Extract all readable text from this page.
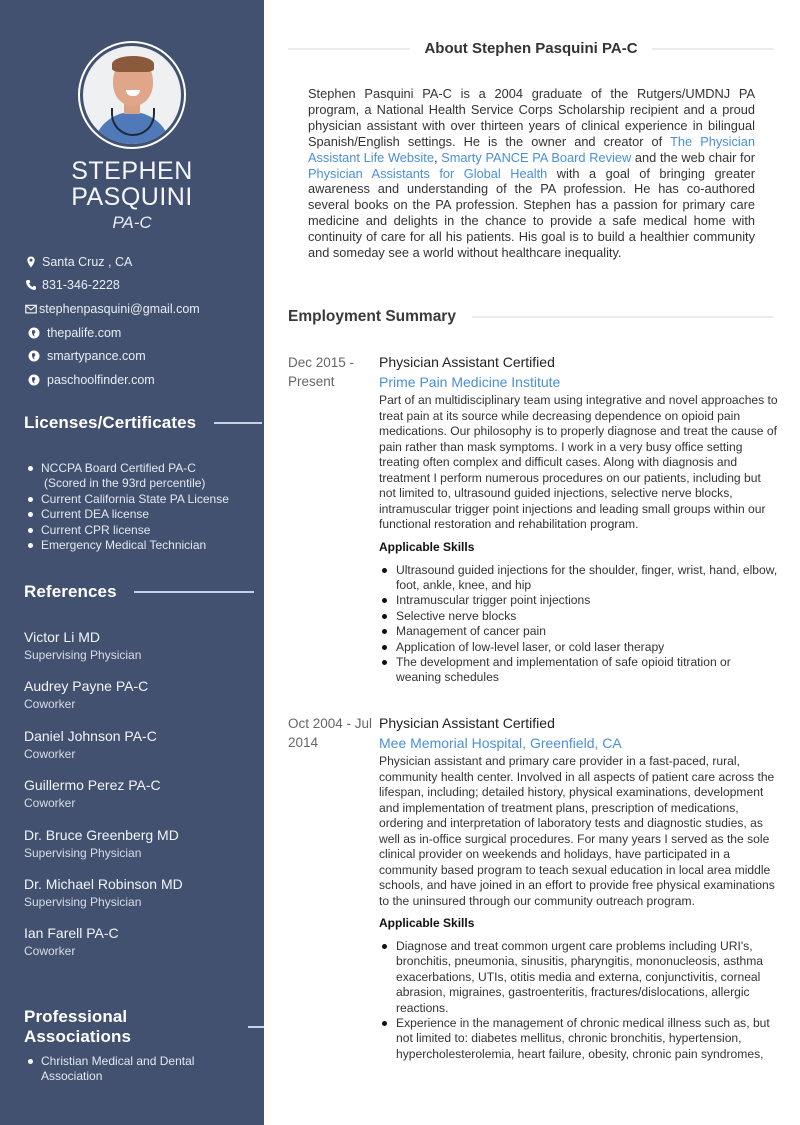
STEPHEN
PASQUINI
PA-C
Santa Cruz , CA
831-346-2228
stephenpasquini@gmail.com
thepalife.com
smartypance.com
paschoolfinder.com
Licenses/Certificates
NCCPA Board Certified PA-C
(Scored in the 93rd percentile)
Current California State PA License
Current DEA license
Current CPR license
Emergency Medical Technician
References
Victor Li MD
Supervising Physician
Audrey Payne PA-C
Coworker
Daniel Johnson PA-C
Coworker
Guillermo Perez PA-C
Coworker
Dr. Bruce Greenberg MD
Supervising Physician
Dr. Michael Robinson MD
Supervising Physician
Ian Farell PA-C
Coworker
Professional Associations
Christian Medical and Dental
Association
About Stephen Pasquini PA-C
Stephen Pasquini PA-C is a 2004 graduate of the Rutgers/UMDNJ PA program, a National Health Service Corps Scholarship recipient and a proud physician assistant with over thirteen years of clinical experience in bilingual Spanish/English settings. He is the owner and creator of The Physician Assistant Life Website, Smarty PANCE PA Board Review and the web chair for Physician Assistants for Global Health with a goal of bringing greater awareness and understanding of the PA profession. He has co-authored several books on the PA profession. Stephen has a passion for primary care medicine and delights in the chance to provide a safe medical home with continuity of care for all his patients. His goal is to build a healthier community and someday see a world without healthcare inequality.
Employment Summary
Dec 2015 -
Present
Physician Assistant Certified
Prime Pain Medicine Institute
Part of an multidisciplinary team using integrative and novel approaches to treat pain at its source while decreasing dependence on opioid pain medications. Our philosophy is to properly diagnose and treat the cause of pain rather than mask symptoms. I work in a very busy office setting treating often complex and difficult cases. Along with diagnosis and treatment I perform numerous procedures on our patients, including but not limited to, ultrasound guided injections, selective nerve blocks, intramuscular trigger point injections and leading small groups within our functional restoration and rehabilitation program.
Applicable Skills
Ultrasound guided injections for the shoulder, finger, wrist, hand, elbow, foot, ankle, knee, and hip
Intramuscular trigger point injections
Selective nerve blocks
Management of cancer pain
Application of low-level laser, or cold laser therapy
The development and implementation of safe opioid titration or weaning schedules
Oct 2004 - Jul
2014
Physician Assistant Certified
Mee Memorial Hospital, Greenfield, CA
Physician assistant and primary care provider in a fast-paced, rural, community health center. Involved in all aspects of patient care across the lifespan, including; detailed history, physical examinations, development and implementation of treatment plans, prescription of medications, ordering and interpretation of laboratory tests and diagnostic studies, as well as in-office surgical procedures. For many years I served as the sole clinical provider on weekends and holidays, have participated in a community based program to teach sexual education in local area middle schools, and have joined in an effort to provide free physical examinations to the uninsured through our community outreach program.
Applicable Skills
Diagnose and treat common urgent care problems including URI's, bronchitis, pneumonia, sinusitis, pharyngitis, mononucleosis, asthma exacerbations, UTIs, otitis media and externa, conjunctivitis, corneal abrasion, migraines, gastroenteritis, fractures/dislocations, allergic reactions.
Experience in the management of chronic medical illness such as, but not limited to: diabetes mellitus, chronic bronchitis, hypertension, hypercholesterolemia, heart failure, obesity, chronic pain syndromes,
